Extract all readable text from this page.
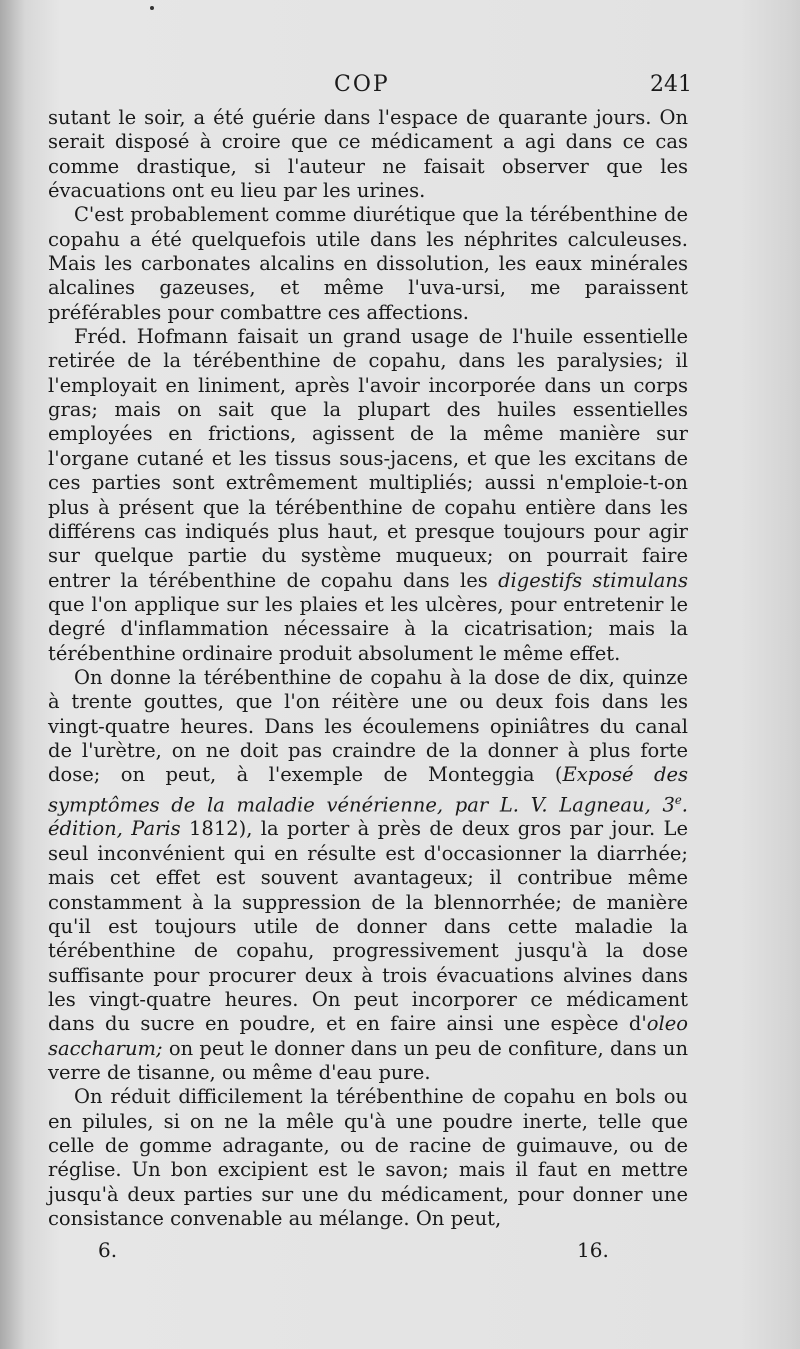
COP	241

sutant le soir, a été guérie dans l'espace de quarante jours. On serait disposé à croire que ce médicament a agi dans ce cas comme drastique, si l'auteur ne faisait observer que les évacuations ont eu lieu par les urines.

C'est probablement comme diurétique que la térébenthine de copahu a été quelquefois utile dans les néphrites calculeuses. Mais les carbonates alcalins en dissolution, les eaux minérales alcalines gazeuses, et même l'uva-ursi, me paraissent préférables pour combattre ces affections.

Fréd. Hofmann faisait un grand usage de l'huile essentielle retirée de la térébenthine de copahu, dans les paralysies; il l'employait en liniment, après l'avoir incorporée dans un corps gras; mais on sait que la plupart des huiles essentielles employées en frictions, agissent de la même manière sur l'organe cutané et les tissus sous-jacens, et que les excitans de ces parties sont extrêmement multipliés; aussi n'emploie-t-on plus à présent que la térébenthine de copahu entière dans les différens cas indiqués plus haut, et presque toujours pour agir sur quelque partie du système muqueux; on pourrait faire entrer la térébenthine de copahu dans les digestifs stimulans que l'on applique sur les plaies et les ulcères, pour entretenir le degré d'inflammation nécessaire à la cicatrisation; mais la térébenthine ordinaire produit absolument le même effet.

On donne la térébenthine de copahu à la dose de dix, quinze à trente gouttes, que l'on réitère une ou deux fois dans les vingt-quatre heures. Dans les écoulemens opiniâtres du canal de l'urètre, on ne doit pas craindre de la donner à plus forte dose; on peut, à l'exemple de Monteggia (Exposé des symptômes de la maladie vénérienne, par L. V. Lagneau, 3e. édition, Paris 1812), la porter à près de deux gros par jour. Le seul inconvénient qui en résulte est d'occasionner la diarrhée; mais cet effet est souvent avantageux; il contribue même constamment à la suppression de la blennorrhée; de manière qu'il est toujours utile de donner dans cette maladie la térébenthine de copahu, progressivement jusqu'à la dose suffisante pour procurer deux à trois évacuations alvines dans les vingt-quatre heures. On peut incorporer ce médicament dans du sucre en poudre, et en faire ainsi une espèce d'oleo saccharum; on peut le donner dans un peu de confiture, dans un verre de tisanne, ou même d'eau pure.

On réduit difficilement la térébenthine de copahu en bols ou en pilules, si on ne la mêle qu'à une poudre inerte, telle que celle de gomme adragante, ou de racine de guimauve, ou de réglise. Un bon excipient est le savon; mais il faut en mettre jusqu'à deux parties sur une du médicament, pour donner une consistance convenable au mélange. On peut,

6.	16.
